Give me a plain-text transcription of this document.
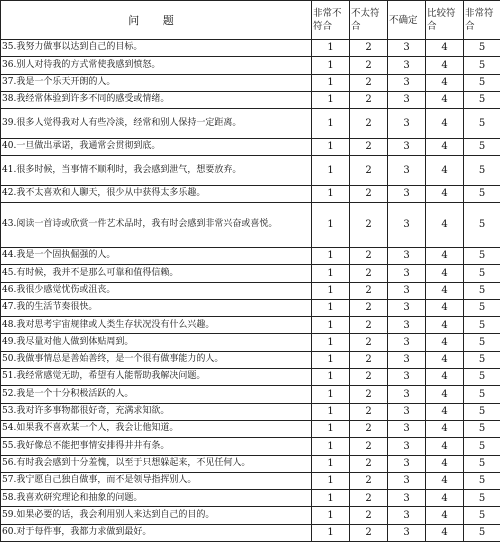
问 题	非常不符合	不太符合	不确定	比较符合	非常符合
35.我努力做事以达到自己的目标。	1	2	3	4	5
36.别人对待我的方式常使我感到愤怒。	1	2	3	4	5
37.我是一个乐天开朗的人。	1	2	3	4	5
38.我经常体验到许多不同的感受或情绪。	1	2	3	4	5
39.很多人觉得我对人有些冷淡，经常和别人保持一定距离。	1	2	3	4	5
40.一旦做出承诺，我通常会贯彻到底。	1	2	3	4	5
41.很多时候，当事情不顺利时，我会感到泄气，想要放弃。	1	2	3	4	5
42.我不太喜欢和人聊天，很少从中获得太多乐趣。	1	2	3	4	5
43.阅读一首诗或欣赏一件艺术品时，我有时会感到非常兴奋或喜悦。	1	2	3	4	5
44.我是一个固执倔强的人。	1	2	3	4	5
45.有时候，我并不是那么可靠和值得信赖。	1	2	3	4	5
46.我很少感觉忧伤或沮丧。	1	2	3	4	5
47.我的生活节奏很快。	1	2	3	4	5
48.我对思考宇宙规律或人类生存状况没有什么兴趣。	1	2	3	4	5
49.我尽量对他人做到体贴周到。	1	2	3	4	5
50.我做事情总是善始善终，是一个很有做事能力的人。	1	2	3	4	5
51.我经常感觉无助，希望有人能帮助我解决问题。	1	2	3	4	5
52.我是一个十分积极活跃的人。	1	2	3	4	5
53.我对许多事物都很好奇，充满求知欲。	1	2	3	4	5
54.如果我不喜欢某一个人，我会让他知道。	1	2	3	4	5
55.我好像总不能把事情安排得井井有条。	1	2	3	4	5
56.有时我会感到十分羞愧，以至于只想躲起来，不见任何人。	1	2	3	4	5
57.我宁愿自己独自做事，而不是领导指挥别人。	1	2	3	4	5
58.我喜欢研究理论和抽象的问题。	1	2	3	4	5
59.如果必要的话，我会利用别人来达到自己的目的。	1	2	3	4	5
60.对于每件事，我都力求做到最好。	1	2	3	4	5
